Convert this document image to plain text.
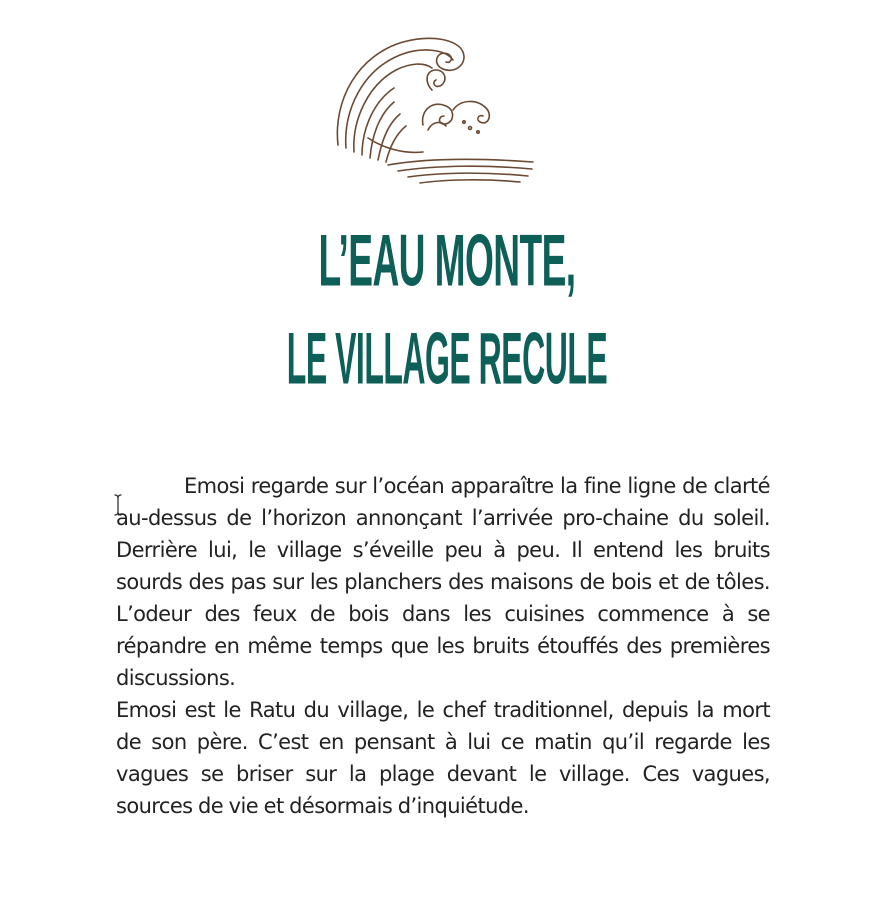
L’EAU MONTE,
LE VILLAGE RECULE

Emosi regarde sur l’océan apparaître la fine ligne de clarté au-dessus de l’horizon annonçant l’arrivée pro-chaine du soleil. Derrière lui, le village s’éveille peu à peu. Il entend les bruits sourds des pas sur les planchers des maisons de bois et de tôles. L’odeur des feux de bois dans les cuisines commence à se répandre en même temps que les bruits étouffés des premières discussions.

Emosi est le Ratu du village, le chef traditionnel, depuis la mort de son père. C’est en pensant à lui ce matin qu’il regarde les vagues se briser sur la plage devant le village. Ces vagues, sources de vie et désormais d’inquiétude.
